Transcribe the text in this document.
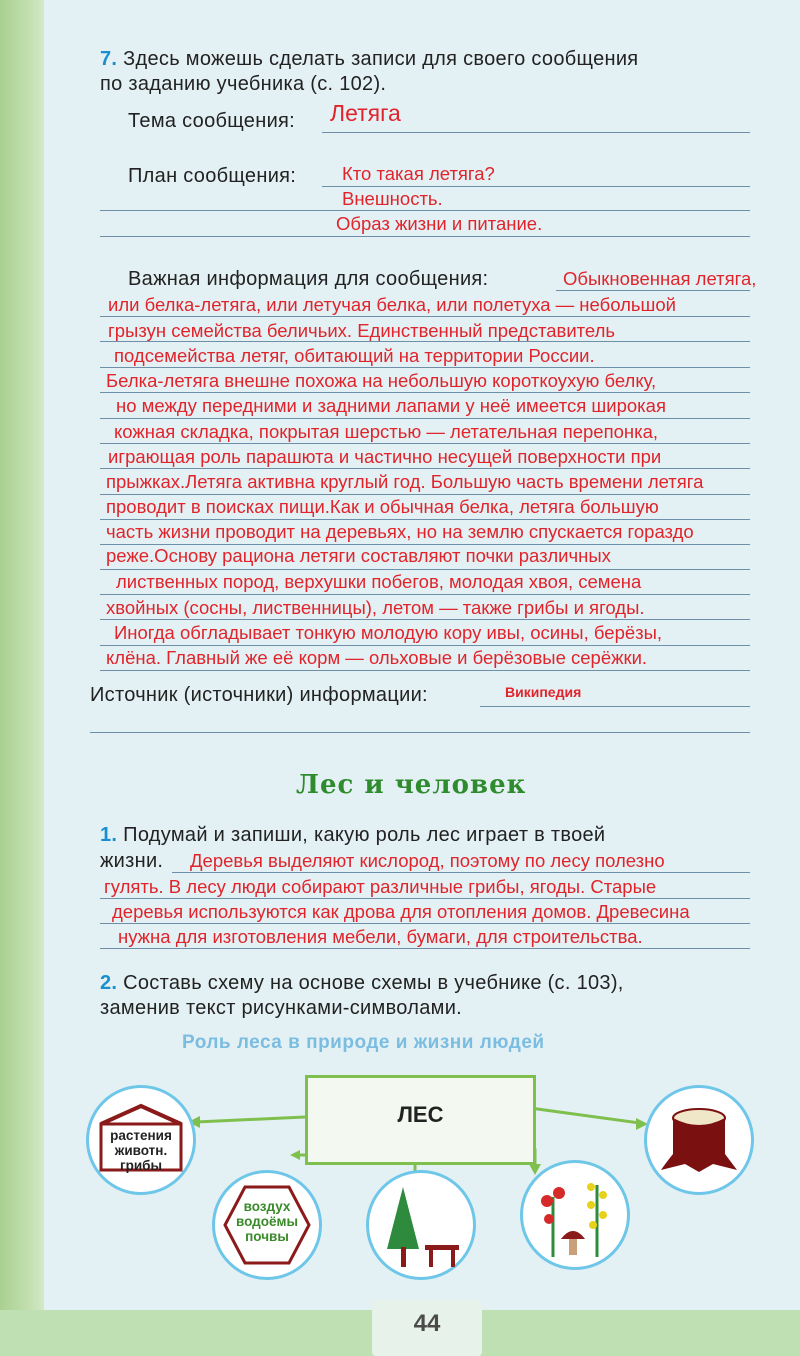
7. Здесь можешь сделать записи для своего сообщения
по заданию учебника (с. 102).
Тема сообщения: Летяга
План сообщения: Кто такая летяга?
Внешность.
Образ жизни и питание.
Важная информация для сообщения:	Обыкновенная летяга,
или белка-летяга, или летучая белка, или полетуха — небольшой
грызун семейства беличьих. Единственный представитель
подсемейства летяг, обитающий на территории России.
Белка-летяга внешне похожа на небольшую короткоухую белку,
но между передними и задними лапами у неё имеется широкая
кожная складка, покрытая шерстью — летательная перепонка,
играющая роль парашюта и частично несущей поверхности при
прыжках.Летяга активна круглый год. Большую часть времени летяга
проводит в поисках пищи.Как и обычная белка, летяга большую
часть жизни проводит на деревьях, но на землю спускается гораздо
реже.Основу рациона летяги составляют почки различных
лиственных пород, верхушки побегов, молодая хвоя, семена
хвойных (сосны, лиственницы), летом — также грибы и ягоды.
Иногда обгладывает тонкую молодую кору ивы, осины, берёзы,
клёна. Главный же её корм — ольховые и берёзовые серёжки.
Источник (источники) информации:	Википедия
Лес и человек
1. Подумай и запиши, какую роль лес играет в твоей
жизни. Деревья выделяют кислород, поэтому по лесу полезно
гулять. В лесу люди собирают различные грибы, ягоды. Старые
деревья используются как дрова для отопления домов. Древесина
нужна для изготовления мебели, бумаги, для строительства.
2. Составь схему на основе схемы в учебнике (с. 103),
заменив текст рисунками-символами.
Роль леса в природе и жизни людей
ЛЕС
растения
животн.
грибы
воздух
водоёмы
почвы
44
